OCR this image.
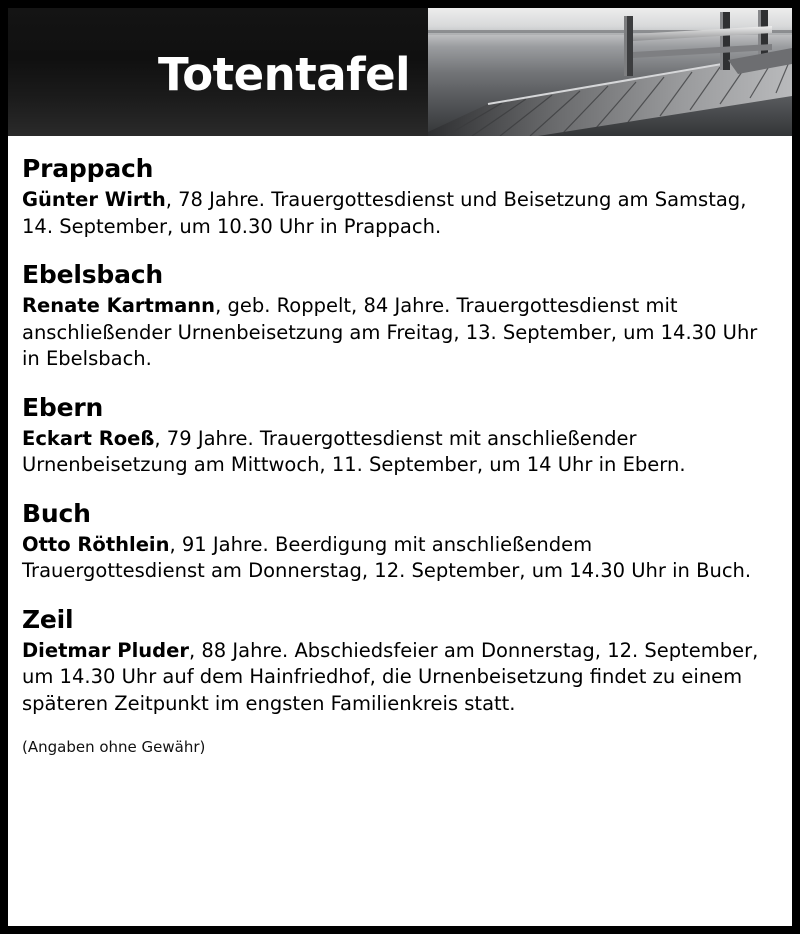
Totentafel
Prappach
Günter Wirth, 78 Jahre. Trauergottesdienst und Beisetzung am Samstag, 14. September, um 10.30 Uhr in Prappach.
Ebelsbach
Renate Kartmann, geb. Roppelt, 84 Jahre. Trauergottesdienst mit anschließender Urnenbeisetzung am Freitag, 13. September, um 14.30 Uhr in Ebelsbach.
Ebern
Eckart Roeß, 79 Jahre. Trauergottesdienst mit anschließender Urnenbeisetzung am Mittwoch, 11. September, um 14 Uhr in Ebern.
Buch
Otto Röthlein, 91 Jahre. Beerdigung mit anschließendem Trauergottesdienst am Donnerstag, 12. September, um 14.30 Uhr in Buch.
Zeil
Dietmar Pluder, 88 Jahre. Abschiedsfeier am Donnerstag, 12. September, um 14.30 Uhr auf dem Hainfriedhof, die Urnenbeisetzung findet zu einem späteren Zeitpunkt im engsten Familienkreis statt.
(Angaben ohne Gewähr)
